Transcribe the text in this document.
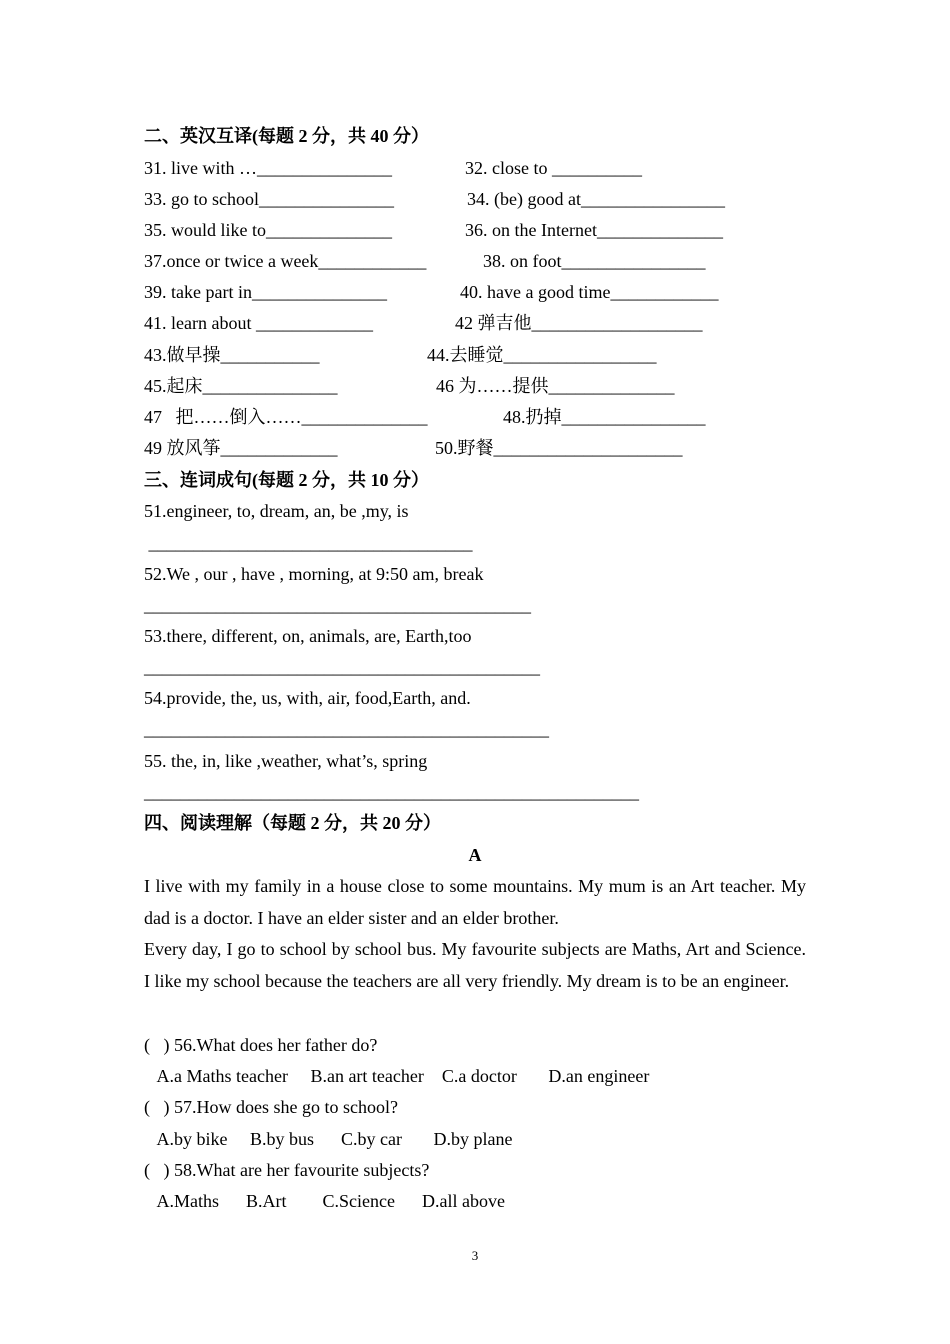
二、英汉互译(每题 2 分，共 40 分）

31. live with …_______________	32. close to __________

33. go to school_______________	34. (be) good at________________

35. would like to______________	36. on the Internet______________

37.once or twice a week____________	38. on foot________________

39. take part in_______________	40. have a good time____________

41. learn about _____________	42 弹吉他___________________

43.做早操___________	44.去睡觉_________________

45.起床_______________	46 为……提供______________

47   把……倒入……______________	48.扔掉________________

49 放风筝_____________	50.野餐_____________________

三、连词成句(每题 2 分，共 10 分）

51.engineer, to, dream, an, be ,my, is

____________________________________

52.We , our , have , morning, at 9:50 am, break

___________________________________________

53.there, different, on, animals, are, Earth,too

____________________________________________

54.provide, the, us, with, air, food,Earth, and.

_____________________________________________

55. the, in, like ,weather, what’s, spring

_______________________________________________________

四、阅读理解（每题 2 分，共 20 分）

A

I live with my family in a house close to some mountains. My mum is an Art teacher. My dad is a doctor. I have an elder sister and an elder brother.

Every day, I go to school by school bus. My favourite subjects are Maths, Art and Science. I like my school because the teachers are all very friendly. My dream is to be an engineer.

(   ) 56.What does her father do?

A.a Maths teacher     B.an art teacher    C.a doctor       D.an engineer

(   ) 57.How does she go to school?

A.by bike     B.by bus      C.by car       D.by plane

(   ) 58.What are her favourite subjects?

A.Maths      B.Art        C.Science      D.all above

3
